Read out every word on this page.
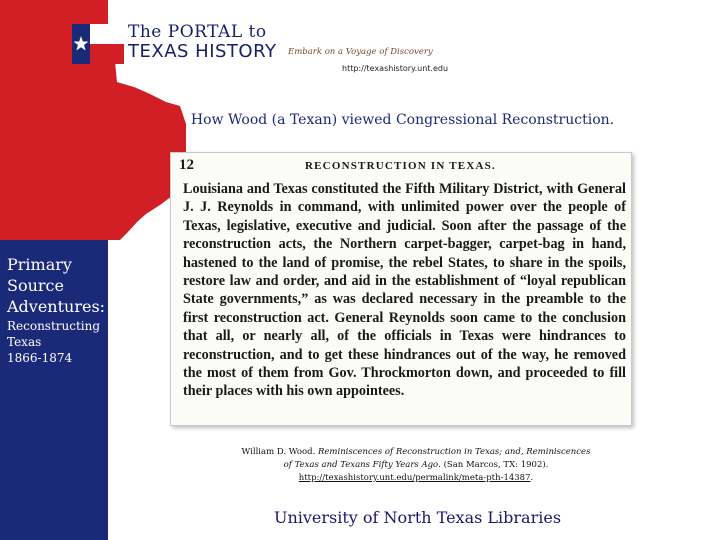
The PORTAL to
TEXAS HISTORY Embark on a Voyage of Discovery
http://texashistory.unt.edu
How Wood (a Texan) viewed Congressional Reconstruction.
Primary
Source
Adventures:
Reconstructing
Texas
1866-1874
12	RECONSTRUCTION IN TEXAS.
Louisiana and Texas constituted the Fifth Military District, with General J. J. Reynolds in command, with unlimited power over the people of Texas, legislative, executive and judicial. Soon after the passage of the reconstruction acts, the Northern carpet-bagger, carpet-bag in hand, hastened to the land of promise, the rebel States, to share in the spoils, restore law and order, and aid in the establishment of “loyal republican State governments,” as was declared necessary in the preamble to the first reconstruction act. General Reynolds soon came to the conclusion that all, or nearly all, of the officials in Texas were hindrances to reconstruction, and to get these hindrances out of the way, he removed the most of them from Gov. Throckmorton down, and proceeded to fill their places with his own appointees.
William D. Wood. Reminiscences of Reconstruction in Texas; and, Reminiscences of Texas and Texans Fifty Years Ago. (San Marcos, TX: 1902).
http://texashistory.unt.edu/permalink/meta-pth-14387.
University of North Texas Libraries
